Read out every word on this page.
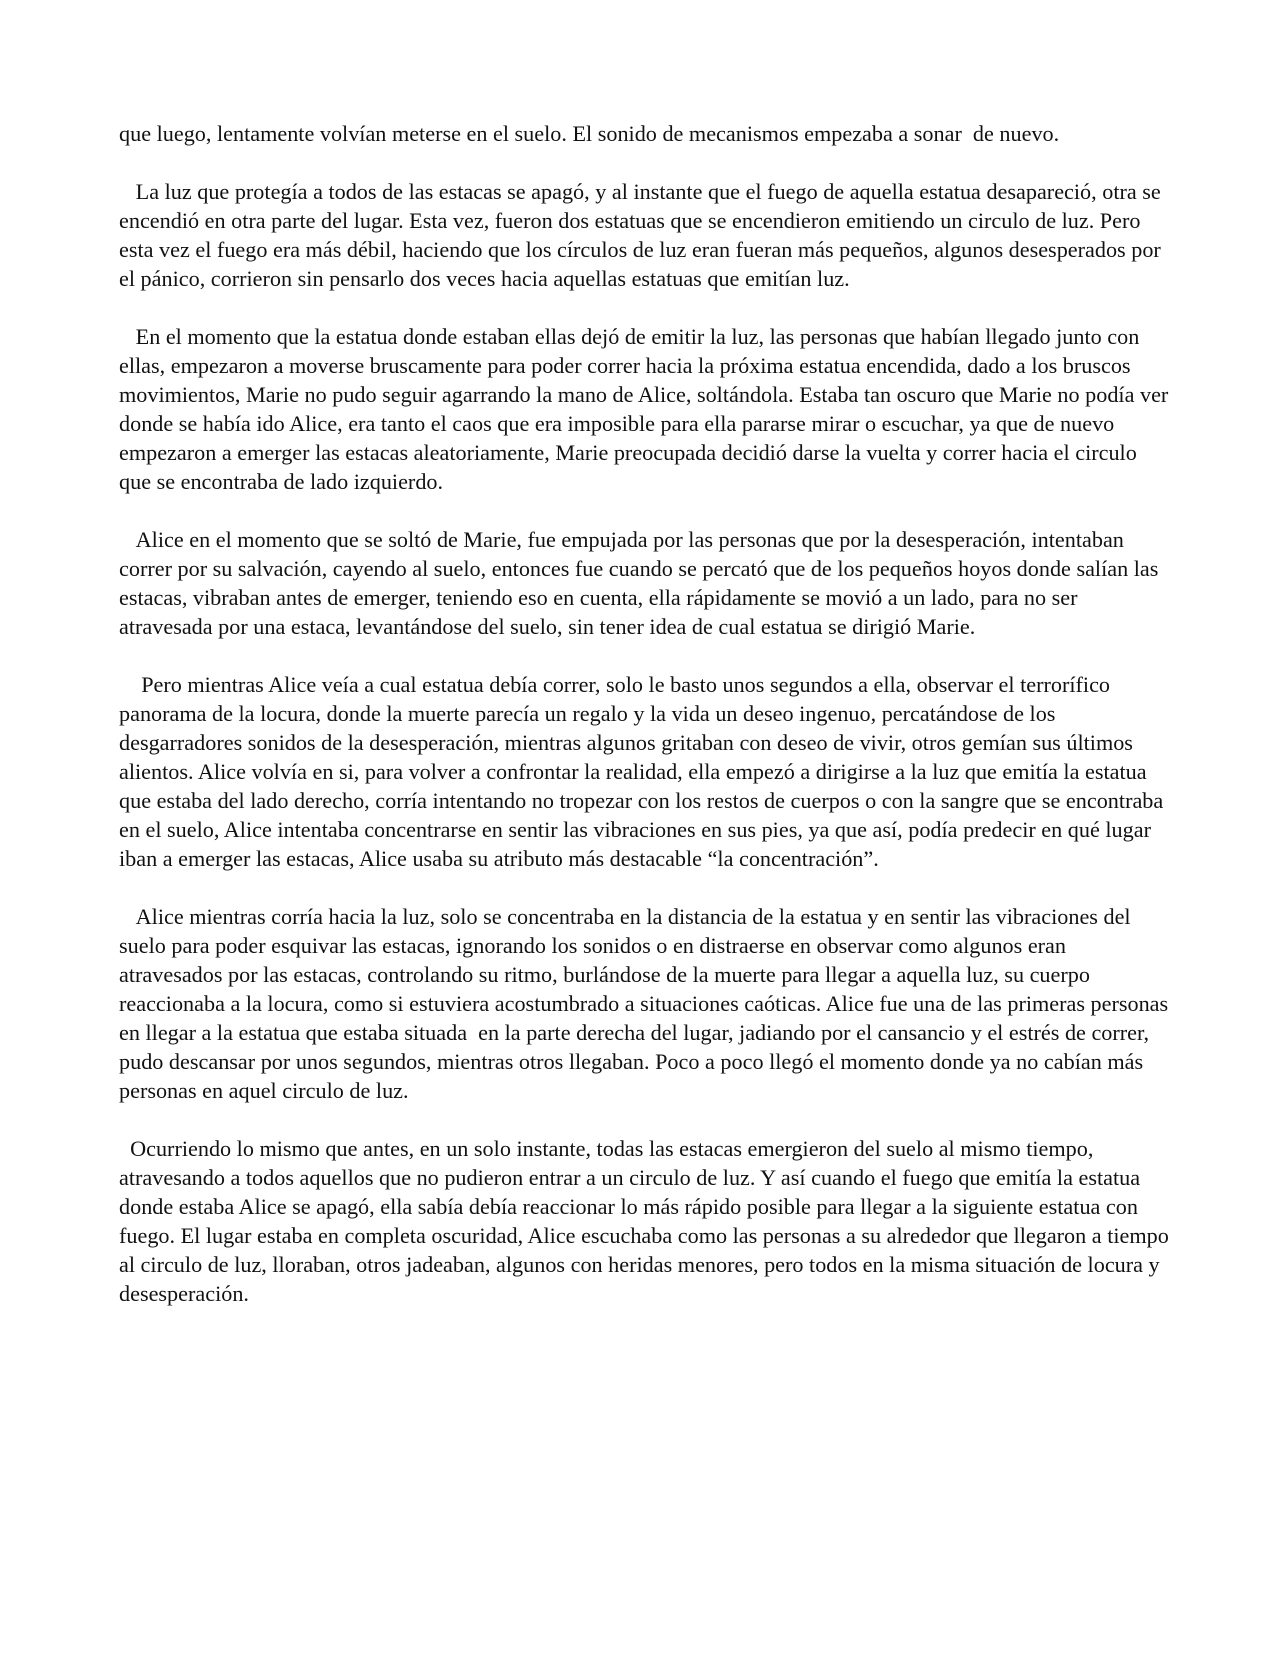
que luego, lentamente volvían meterse en el suelo. El sonido de mecanismos empezaba a sonar  de nuevo.

La luz que protegía a todos de las estacas se apagó, y al instante que el fuego de aquella estatua desapareció, otra se encendió en otra parte del lugar. Esta vez, fueron dos estatuas que se encendieron emitiendo un circulo de luz. Pero esta vez el fuego era más débil, haciendo que los círculos de luz eran fueran más pequeños, algunos desesperados por el pánico, corrieron sin pensarlo dos veces hacia aquellas estatuas que emitían luz.

En el momento que la estatua donde estaban ellas dejó de emitir la luz, las personas que habían llegado junto con ellas, empezaron a moverse bruscamente para poder correr hacia la próxima estatua encendida, dado a los bruscos movimientos, Marie no pudo seguir agarrando la mano de Alice, soltándola. Estaba tan oscuro que Marie no podía ver donde se había ido Alice, era tanto el caos que era imposible para ella pararse mirar o escuchar, ya que de nuevo empezaron a emerger las estacas aleatoriamente, Marie preocupada decidió darse la vuelta y correr hacia el circulo que se encontraba de lado izquierdo.

Alice en el momento que se soltó de Marie, fue empujada por las personas que por la desesperación, intentaban correr por su salvación, cayendo al suelo, entonces fue cuando se percató que de los pequeños hoyos donde salían las estacas, vibraban antes de emerger, teniendo eso en cuenta, ella rápidamente se movió a un lado, para no ser atravesada por una estaca, levantándose del suelo, sin tener idea de cual estatua se dirigió Marie.

Pero mientras Alice veía a cual estatua debía correr, solo le basto unos segundos a ella, observar el terrorífico panorama de la locura, donde la muerte parecía un regalo y la vida un deseo ingenuo, percatándose de los desgarradores sonidos de la desesperación, mientras algunos gritaban con deseo de vivir, otros gemían sus últimos alientos. Alice volvía en si, para volver a confrontar la realidad, ella empezó a dirigirse a la luz que emitía la estatua que estaba del lado derecho, corría intentando no tropezar con los restos de cuerpos o con la sangre que se encontraba en el suelo, Alice intentaba concentrarse en sentir las vibraciones en sus pies, ya que así, podía predecir en qué lugar iban a emerger las estacas, Alice usaba su atributo más destacable “la concentración”.

Alice mientras corría hacia la luz, solo se concentraba en la distancia de la estatua y en sentir las vibraciones del suelo para poder esquivar las estacas, ignorando los sonidos o en distraerse en observar como algunos eran atravesados por las estacas, controlando su ritmo, burlándose de la muerte para llegar a aquella luz, su cuerpo reaccionaba a la locura, como si estuviera acostumbrado a situaciones caóticas. Alice fue una de las primeras personas en llegar a la estatua que estaba situada  en la parte derecha del lugar, jadiando por el cansancio y el estrés de correr, pudo descansar por unos segundos, mientras otros llegaban. Poco a poco llegó el momento donde ya no cabían más personas en aquel circulo de luz.

Ocurriendo lo mismo que antes, en un solo instante, todas las estacas emergieron del suelo al mismo tiempo, atravesando a todos aquellos que no pudieron entrar a un circulo de luz. Y así cuando el fuego que emitía la estatua donde estaba Alice se apagó, ella sabía debía reaccionar lo más rápido posible para llegar a la siguiente estatua con fuego. El lugar estaba en completa oscuridad, Alice escuchaba como las personas a su alrededor que llegaron a tiempo al circulo de luz, lloraban, otros jadeaban, algunos con heridas menores, pero todos en la misma situación de locura y desesperación.
